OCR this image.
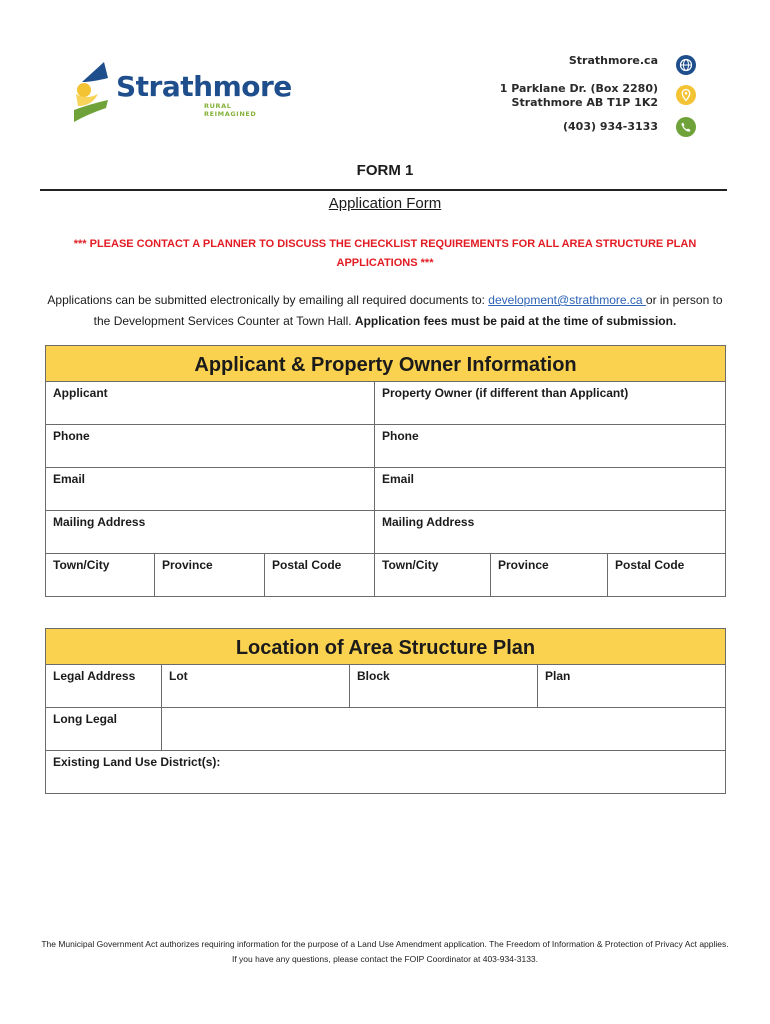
Strathmore
RURAL REIMAGINED
Strathmore.ca
1 Parklane Dr. (Box 2280)
Strathmore AB T1P 1K2
(403) 934-3133
FORM 1
Application Form
*** PLEASE CONTACT A PLANNER TO DISCUSS THE CHECKLIST REQUIREMENTS FOR ALL AREA STRUCTURE PLAN APPLICATIONS ***
Applications can be submitted electronically by emailing all required documents to: development@strathmore.ca or in person to the Development Services Counter at Town Hall. Application fees must be paid at the time of submission.
Applicant & Property Owner Information					
Applicant			Property Owner (if different than Applicant)		
Phone			Phone		
Email			Email		
Mailing Address			Mailing Address		
Town/City	Province	Postal Code	Town/City	Province	Postal Code
Location of Area Structure Plan			
Legal Address	Lot	Block	Plan
Long Legal			
Existing Land Use District(s):			
The Municipal Government Act authorizes requiring information for the purpose of a Land Use Amendment application. The Freedom of Information & Protection of Privacy Act applies. If you have any questions, please contact the FOIP Coordinator at 403-934-3133.
